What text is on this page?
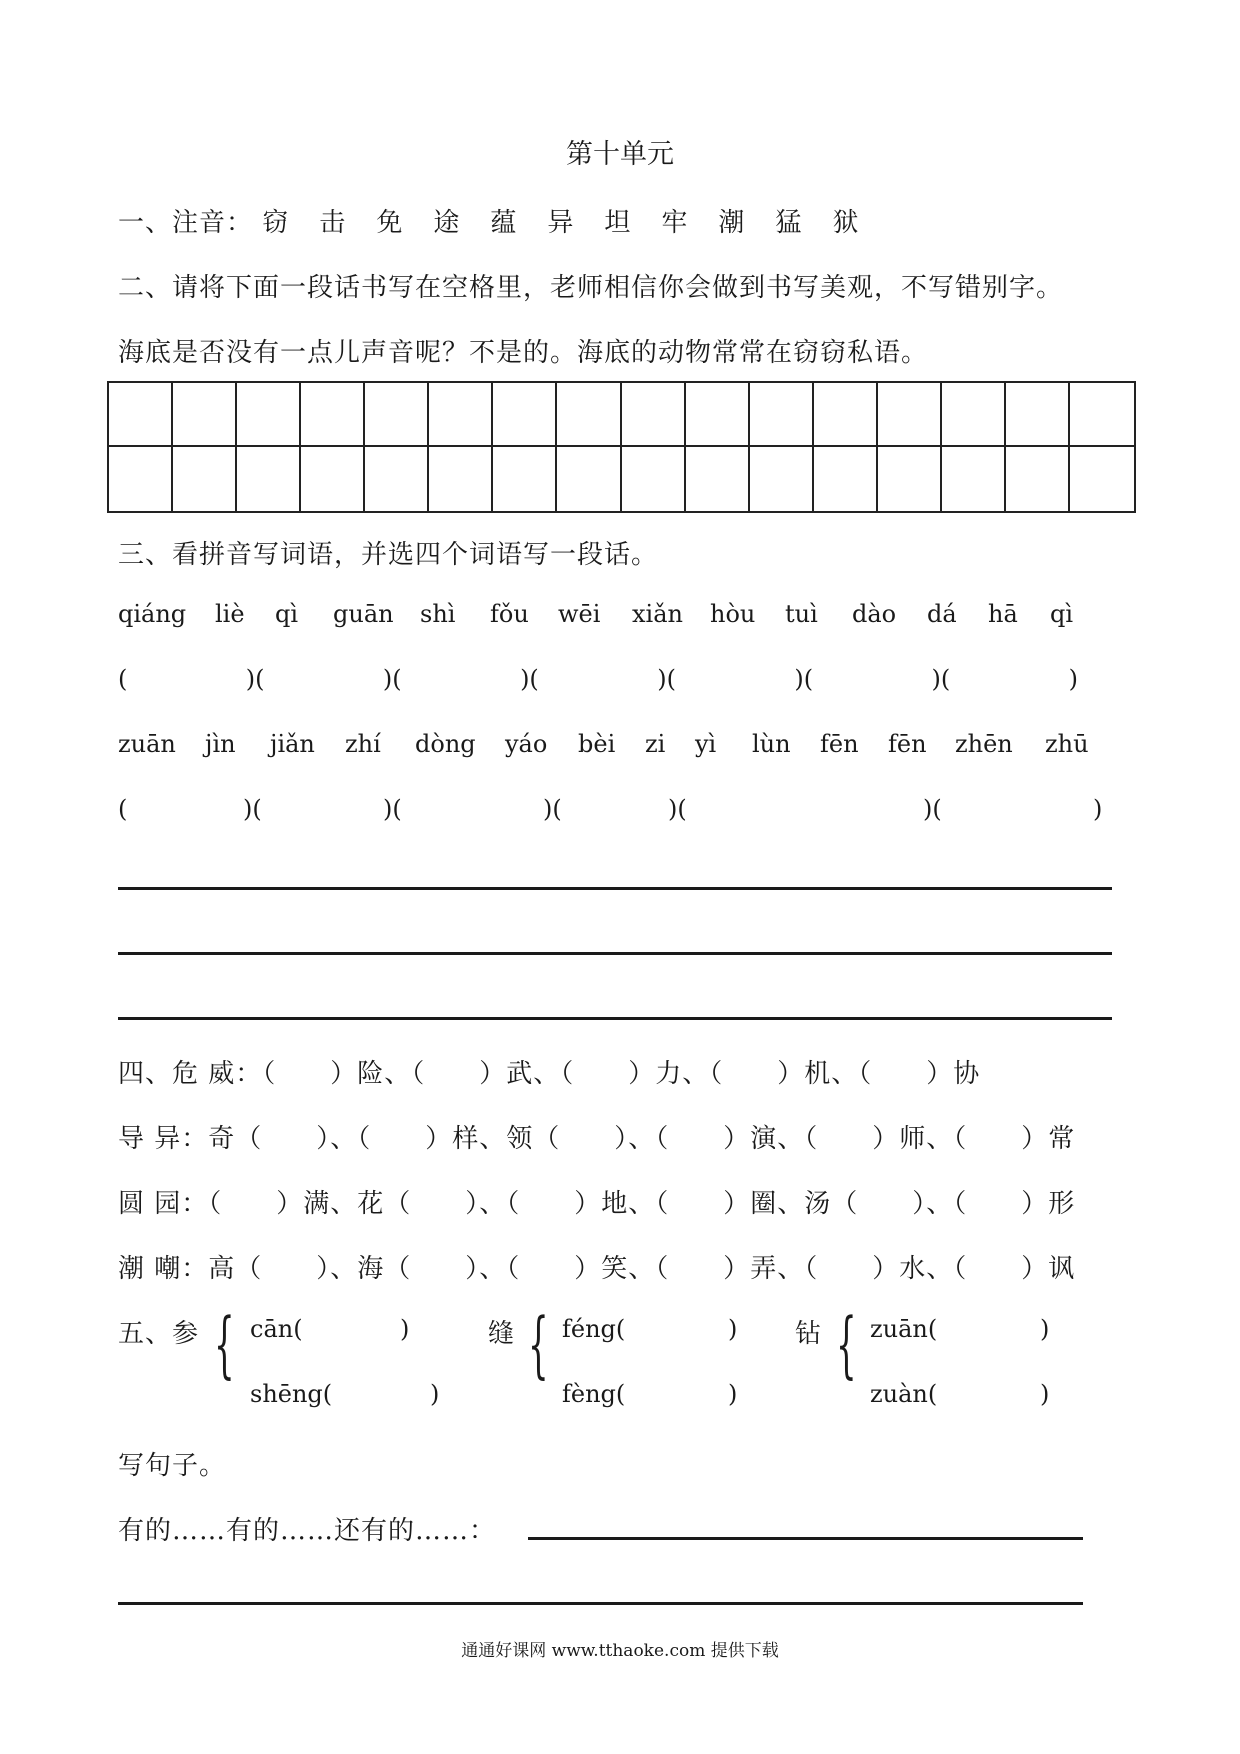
第十单元
一、注音： 窃 击 免 途 蕴 异 坦 牢 潮 猛 狱
二、请将下面一段话书写在空格里，老师相信你会做到书写美观，不写错别字。
海底是否没有一点儿声音呢？不是的。海底的动物常常在窃窃私语。
三、看拼音写词语，并选四个词语写一段话。
qiáng liè qì guān shì fǒu wēi xiǎn hòu tuì dào dá hā qì
(	)(	)(	)(	)(	)(	)(	)
zuān jìn jiǎn zhí dòng yáo bèi zi yì lùn fēn fēn zhēn zhū
(	)(	)(	)(	)(	)(	)
四、危 威：（　　）险、（　　）武、（　　）力、（　　）机、（　　）协
导 异：奇（　　）、（　　）样、领（　　）、（　　）演、（　　）师、（　　）常
圆 园：（　　）满、花（　　）、（　　）地、（　　）圈、汤（　　）、（　　）形
潮 嘲：高（　　）、海（　　）、（　　）笑、（　　）弄、（　　）水、（　　）讽
五、参 { cān(	)
shēng(	)
缝 { féng(	)
fèng(	)
钻 { zuān(	)
zuàn(	)
写句子。
有的……有的……还有的……：
通通好课网 www.tthaoke.com 提供下载
